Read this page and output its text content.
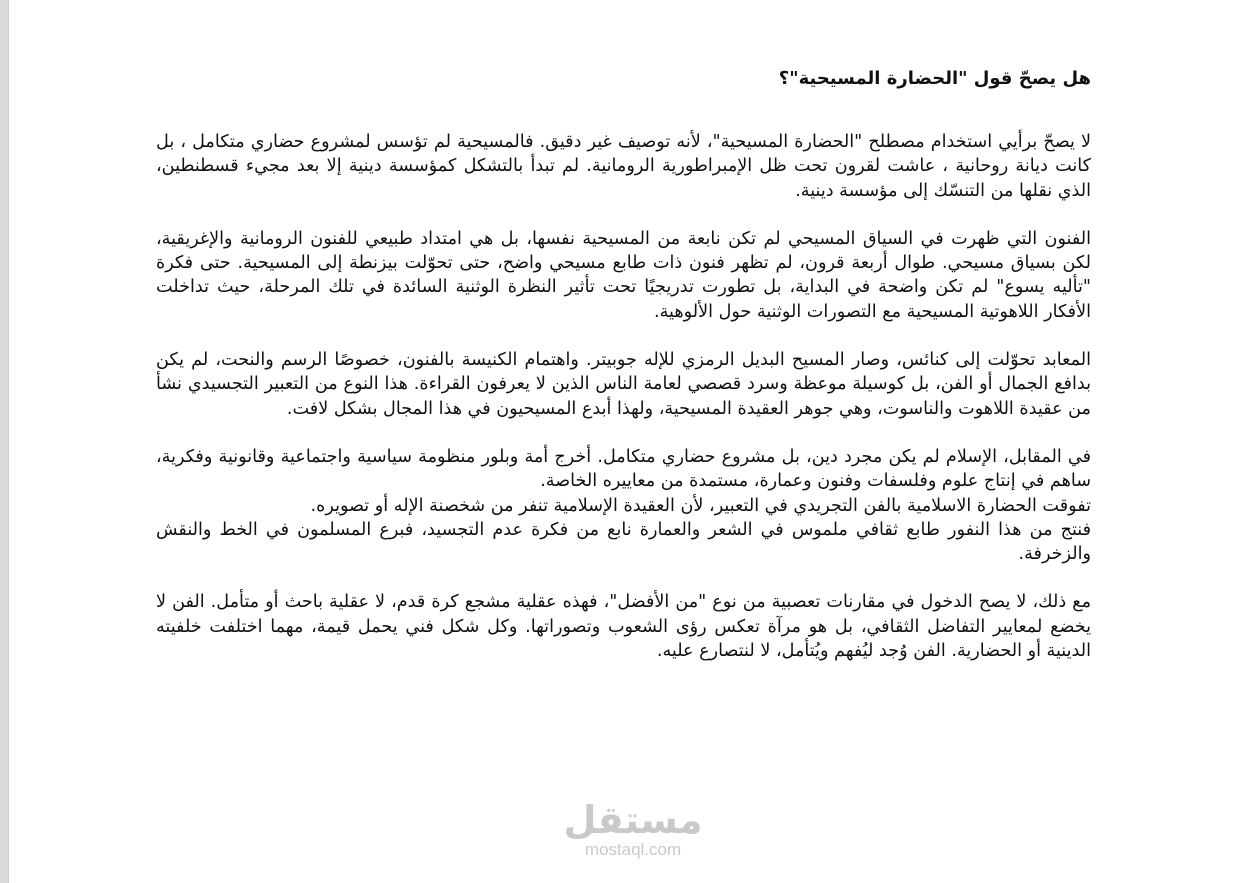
هل يصحّ قول "الحضارة المسيحية"؟

لا يصحّ برأيي استخدام مصطلح "الحضارة المسيحية"، لأنه توصيف غير دقيق. فالمسيحية لم تؤسس لمشروع حضاري متكامل ، بل كانت ديانة روحانية ، عاشت لقرون تحت ظل الإمبراطورية الرومانية. لم تبدأ بالتشكل كمؤسسة دينية إلا بعد مجيء قسطنطين، الذي نقلها من التنسّك إلى مؤسسة دينية.

الفنون التي ظهرت في السياق المسيحي لم تكن نابعة من المسيحية نفسها، بل هي امتداد طبيعي للفنون الرومانية والإغريقية، لكن بسياق مسيحي. طوال أربعة قرون، لم تظهر فنون ذات طابع مسيحي واضح، حتى تحوّلت بيزنطة إلى المسيحية. حتى فكرة "تأليه يسوع" لم تكن واضحة في البداية، بل تطورت تدريجيًا تحت تأثير النظرة الوثنية السائدة في تلك المرحلة، حيث تداخلت الأفكار اللاهوتية المسيحية مع التصورات الوثنية حول الألوهية.

المعابد تحوّلت إلى كنائس، وصار المسيح البديل الرمزي للإله جوبيتر. واهتمام الكنيسة بالفنون، خصوصًا الرسم والنحت، لم يكن بدافع الجمال أو الفن، بل كوسيلة موعظة وسرد قصصي لعامة الناس الذين لا يعرفون القراءة. هذا النوع من التعبير التجسيدي نشأ من عقيدة اللاهوت والناسوت، وهي جوهر العقيدة المسيحية، ولهذا أبدع المسيحيون في هذا المجال بشكل لافت.

في المقابل، الإسلام لم يكن مجرد دين، بل مشروع حضاري متكامل. أخرج أمة وبلور منظومة سياسية واجتماعية وقانونية وفكرية، ساهم في إنتاج علوم وفلسفات وفنون وعمارة، مستمدة من معاييره الخاصة.
تفوقت الحضارة الاسلامية بالفن التجريدي في التعبير، لأن العقيدة الإسلامية تنفر من شخصنة الإله أو تصويره.
فنتج من هذا النفور طابع ثقافي ملموس في الشعر والعمارة نابع من فكرة عدم التجسيد، فبرع المسلمون في الخط والنقش والزخرفة.

مع ذلك، لا يصح الدخول في مقارنات تعصبية من نوع "من الأفضل"، فهذه عقلية مشجع كرة قدم، لا عقلية باحث أو متأمل. الفن لا يخضع لمعايير التفاضل الثقافي، بل هو مرآة تعكس رؤى الشعوب وتصوراتها. وكل شكل فني يحمل قيمة، مهما اختلفت خلفيته الدينية أو الحضارية. الفن وُجد ليُفهم ويُتأمل، لا لنتصارع عليه.

مستقل
mostaql.com
